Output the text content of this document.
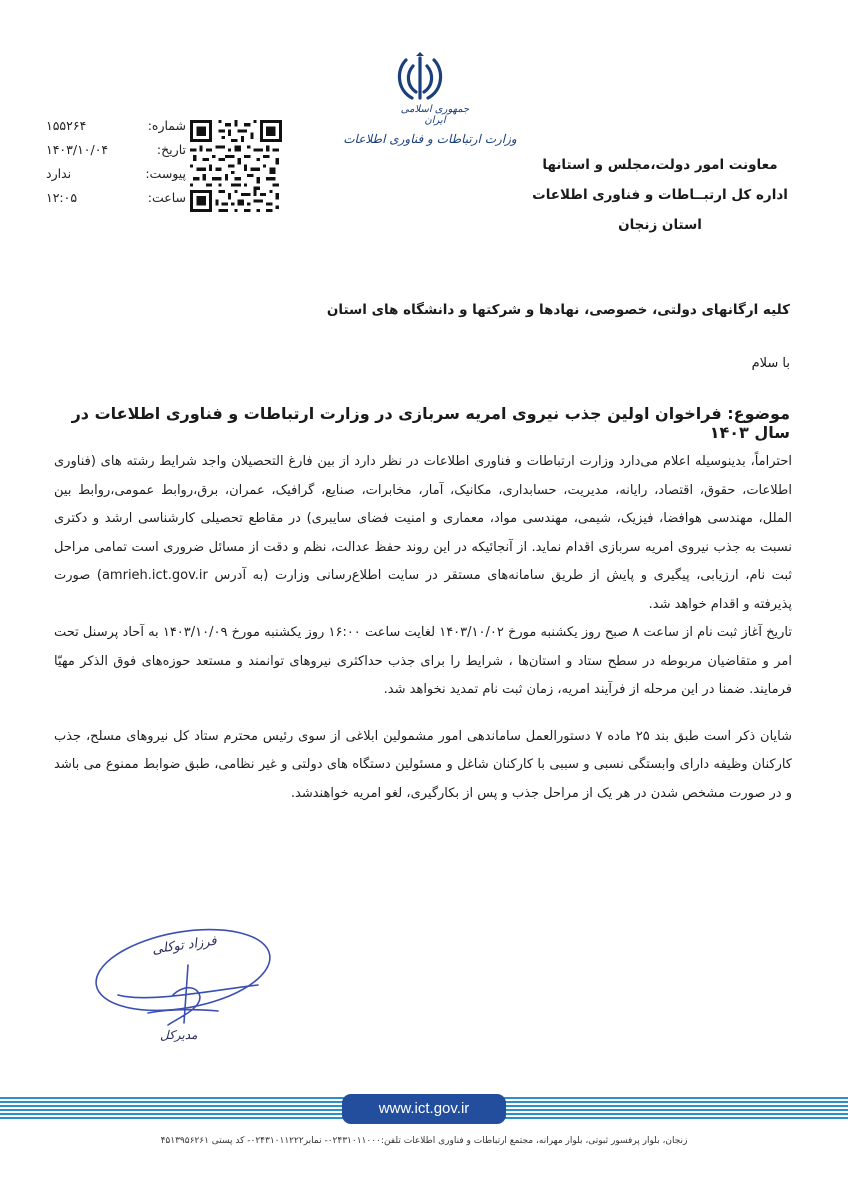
شماره:
۱۵۵۲۶۴
تاریخ:
۱۴۰۳/۱۰/۰۴
پیوست:
ندارد
ساعت:
۱۲:۰۵
جمهوری اسلامی ایران
وزارت ارتباطات و فناوری اطلاعات
معاونت امور دولت،مجلس و استانها
اداره کل ارتبــاطات و فناوری اطلاعات
استان زنجان
کلیه ارگانهای دولتی، خصوصی، نهادها و شرکتها و دانشگاه های استان
با سلام
موضوع: فراخوان اولین جذب نیروی امریه سربازی در وزارت ارتباطات و فناوری اطلاعات در سال ۱۴۰۳

احتراماً، بدینوسیله اعلام می‌دارد وزارت ارتباطات و فناوری اطلاعات در نظر دارد از بین فارغ التحصیلان واجد شرایط رشته های (فناوری اطلاعات، حقوق، اقتصاد، رایانه، مدیریت، حسابداری، مکانیک، آمار، مخابرات، صنایع، گرافیک، عمران، برق،روابط عمومی،روابط بین الملل، مهندسی هوافضا، فیزیک، شیمی، مهندسی مواد، معماری و امنیت فضای سایبری) در مقاطع تحصیلی کارشناسی ارشد و دکتری نسبت به جذب نیروی امریه سربازی اقدام نماید. از آنجائیکه در این روند حفظ عدالت، نظم و دقت از مسائل ضروری است تمامی مراحل ثبت نام، ارزیابی، پیگیری و پایش از طریق سامانه‌های مستقر در سایت اطلاع‌رسانی وزارت (به آدرس amrieh.ict.gov.ir) صورت پذیرفته و اقدام خواهد شد.

تاریخ آغاز ثبت نام از ساعت ۸ صبح روز یکشنبه مورخ ۱۴۰۳/۱۰/۰۲ لغایت ساعت ۱۶:۰۰ روز یکشنبه مورخ ۱۴۰۳/۱۰/۰۹ به آحاد پرسنل تحت امر و متقاضیان مربوطه در سطح ستاد و استان‌ها ، شرایط را برای جذب حداکثری نیروهای توانمند و مستعد حوزه‌های فوق الذکر مهیّا فرمایند. ضمنا در این مرحله از فرآیند امریه، زمان ثبت نام تمدید نخواهد شد.

شایان ذکر است طبق بند ۲۵ ماده ۷ دستورالعمل ساماندهی امور مشمولین ابلاغی از سوی رئیس محترم ستاد کل نیروهای مسلح، جذب کارکنان وظیفه دارای وابستگی نسبی و سببی با کارکنان شاغل و مسئولین دستگاه های دولتی و غیر نظامی، طبق ضوابط ممنوع می باشد و در صورت مشخص شدن در هر یک از مراحل جذب و پس از بکارگیری، لغو امریه خواهندشد.

فرزاد توکلی
مدیرکل
www.ict.gov.ir
زنجان، بلوار پرفسور ثبوتی، بلوار مهرانه، مجتمع ارتباطات و فناوری اطلاعات تلفن:۰۲۴۳۱۰۱۱۰۰۰- نمابر۰۲۴۳۱۰۱۱۲۲۲- کد پستی ۴۵۱۳۹۵۶۲۶۱
